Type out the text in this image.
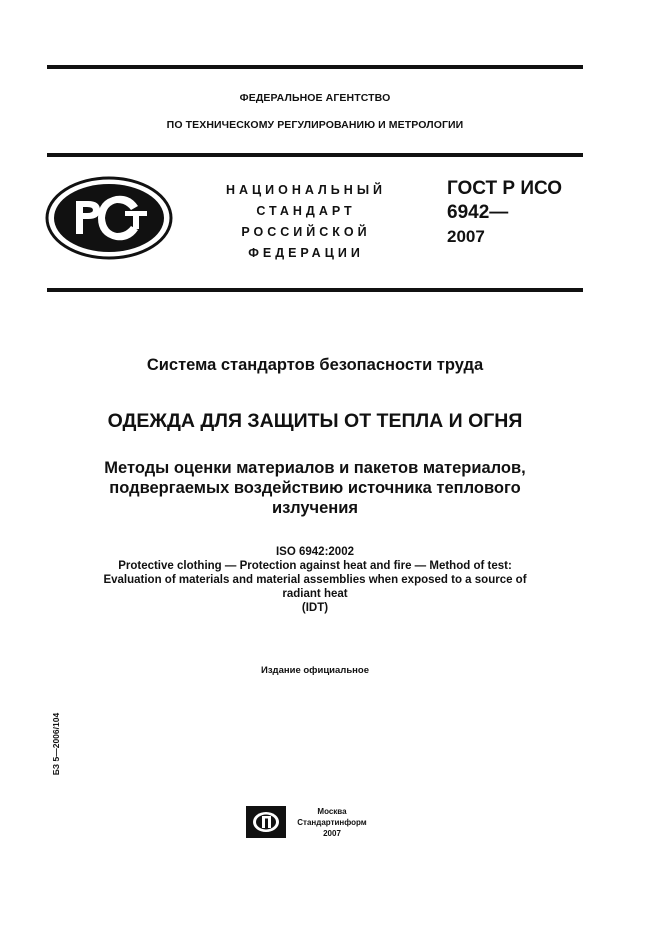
ФЕДЕРАЛЬНОЕ АГЕНТСТВО
ПО ТЕХНИЧЕСКОМУ РЕГУЛИРОВАНИЮ И МЕТРОЛОГИИ
НАЦИОНАЛЬНЫЙ
СТАНДАРТ
РОССИЙСКОЙ
ФЕДЕРАЦИИ
ГОСТ Р ИСО
6942—
2007
Система стандартов безопасности труда
ОДЕЖДА ДЛЯ ЗАЩИТЫ ОТ ТЕПЛА И ОГНЯ
Методы оценки материалов и пакетов материалов,
подвергаемых воздействию источника теплового
излучения
ISO 6942:2002
Protective clothing — Protection against heat and fire — Method of test:
Evaluation of materials and material assemblies when exposed to a source of
radiant heat
(IDT)
Издание официальное
БЗ 5—2006/104
Москва
Стандартинформ
2007
